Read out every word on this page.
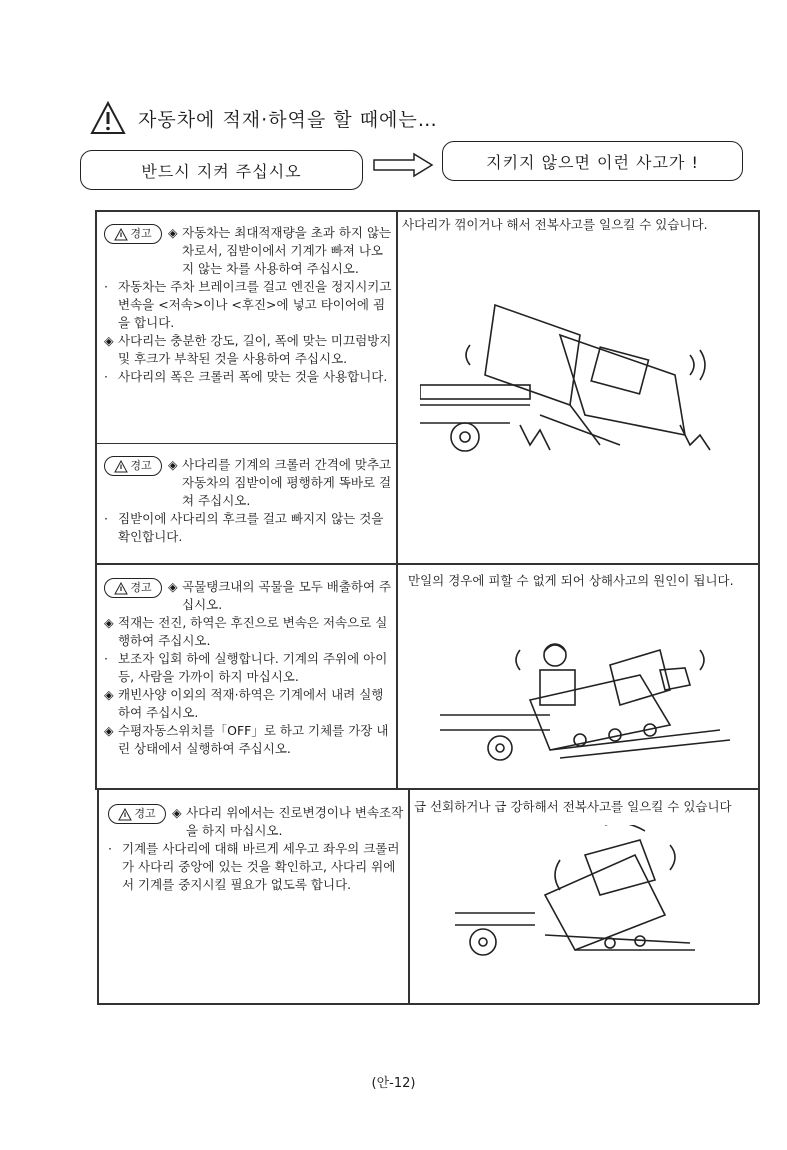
자동차에 적재·하역을 할 때에는…
반드시 지켜 주십시오	지키지 않으면 이런 사고가 !
경고 ◈ 자동차는 최대적재량을 초과 하지 않는 차로서, 짐받이에서 기계가 빠져 나오지 않는 차를 사용하여 주십시오.
· 자동차는 주차 브레이크를 걸고 엔진을 정지시키고 변속을 <저속>이나 <후진>에 넣고 타이어에 굄을 합니다.
◈ 사다리는 충분한 강도, 길이, 폭에 맞는 미끄럼방지 및 후크가 부착된 것을 사용하여 주십시오.
· 사다리의 폭은 크롤러 폭에 맞는 것을 사용합니다.
경고 ◈ 사다리를 기계의 크롤러 간격에 맞추고 자동차의 짐받이에 평행하게 똑바로 걸쳐 주십시오.
· 짐받이에 사다리의 후크를 걸고 빠지지 않는 것을 확인합니다.
사다리가 꺾이거나 해서 전복사고를 일으킬 수 있습니다.
경고 ◈ 곡물탱크내의 곡물을 모두 배출하여 주십시오.
◈ 적재는 전진, 하역은 후진으로 변속은 저속으로 실행하여 주십시오.
· 보조자 입회 하에 실행합니다. 기계의 주위에 아이 등, 사람을 가까이 하지 마십시오.
◈ 캐빈사양 이외의 적재·하역은 기계에서 내려 실행하여 주십시오.
◈ 수평자동스위치를「OFF」로 하고 기체를 가장 내린 상태에서 실행하여 주십시오.
만일의 경우에 피할 수 없게 되어 상해사고의 원인이 됩니다.
경고 ◈ 사다리 위에서는 진로변경이나 변속조작을 하지 마십시오.
· 기계를 사다리에 대해 바르게 세우고 좌우의 크롤러가 사다리 중앙에 있는 것을 확인하고, 사다리 위에서 기계를 중지시킬 필요가 없도록 합니다.
급 선회하거나 급 강하해서 전복사고를 일으킬 수 있습니다
(안-12)
